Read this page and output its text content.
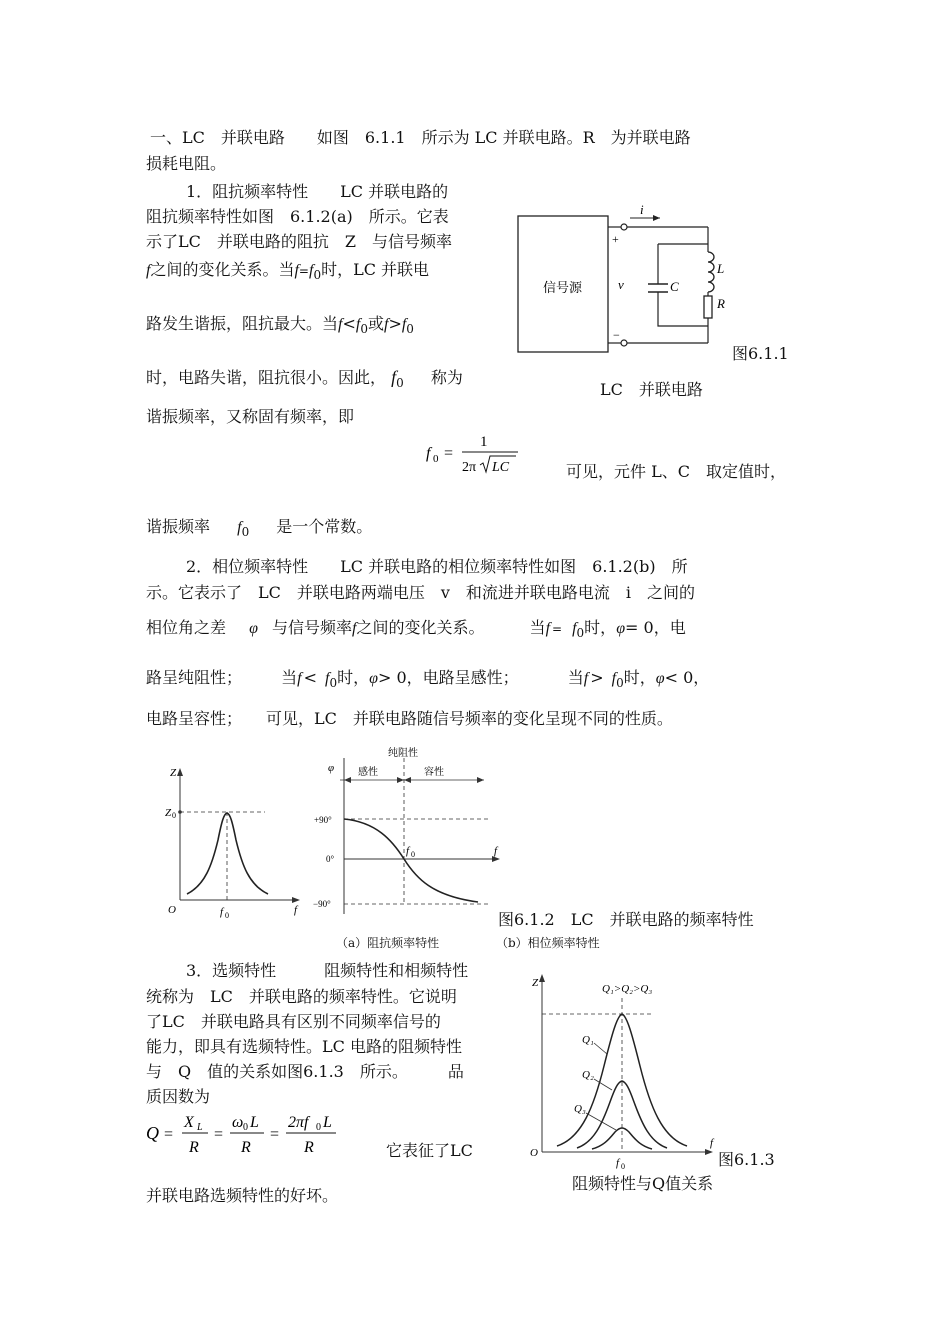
一、LC　并联电路　　如图　6.1.1　所示为 LC 并联电路。R　为并联电路
损耗电阻。
1．阻抗频率特性　　LC 并联电路的
阻抗频率特性如图　6.1.2(a)　所示。它表
示了LC　并联电路的阻抗　Z　与信号频率
f之间的变化关系。当$f=f_0$时，LC 并联电
路发生谐振，阻抗最大。当$f<f_0$或$f>f_0$
时，电路失谐，阻抗很小。因此， $f_0$ 称为
谐振频率，又称固有频率，即
f 0 =
1
2π LC	可见，元件 L、C　取定值时，
谐振频率 $f_0$ 是一个常数。
信号源
+
−
v
i
C
L
R
图6.1.1
LC　并联电路
2．相位频率特性　　LC 并联电路的相位频率特性如图　6.1.2(b)　所
示。它表示了　LC　并联电路两端电压　v　和流进并联电路电流　i　之间的
相位角之差 φ 与信号频率f之间的变化关系。	当$f = f_0$时，φ= 0，电
路呈纯阻性； 当$f < f_0$时，φ> 0，电路呈感性；	当$f > f_0$时，φ< 0，
电路呈容性；　　可见，LC　并联电路随信号频率的变化呈现不同的性质。
Z
Z 0
O	f 0	f
纯阻性
感性	容性
φ
+90°
0°
−90°
f 0	f
图6.1.2　LC　并联电路的频率特性
（a）阻抗频率特性	（b）相位频率特性
3．选频特性　　　阻频特性和相频特性
统称为　LC　并联电路的频率特性。它说明
了LC　并联电路具有区别不同频率信号的
能力，即具有选频特性。LC 电路的阻频特性
与　Q　值的关系如图6.1.3　所示。　　　品
质因数为
Q =
X L
R
=
ω 0 L
R
=
2πf 0 L
R	它表征了LC
并联电路选频特性的好坏。
Z	Q₁>Q₂>Q₃
Q₁
Q₂
Q₃
O
f 0
f
图6.1.3
阻频特性与Q值关系
